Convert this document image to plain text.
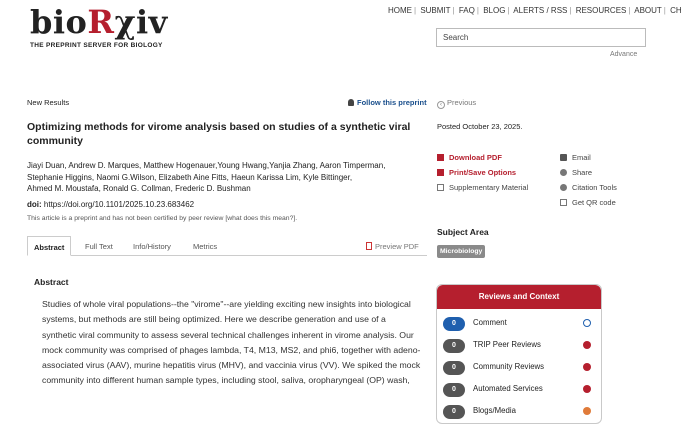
bioRχiv
THE PREPRINT SERVER FOR BIOLOGY
HOME | SUBMIT | FAQ | BLOG | ALERTS / RSS | RESOURCES | ABOUT | CH
Search
Advance
New Results	Follow this preprint	‹ Previous
Optimizing methods for virome analysis based on studies of a synthetic viral community
Posted October 23, 2025.
Jiayi Duan, Andrew D. Marques, Matthew Hogenauer,Young Hwang,Yanjia Zhang, Aaron Timperman,
Stephanie Higgins, Naomi G.Wilson, Elizabeth Aine Fitts, Haeun Karissa Lim, Kyle Bittinger,
Ahmed M. Moustafa, Ronald G. Collman, Frederic D. Bushman
doi: https://doi.org/10.1101/2025.10.23.683462
This article is a preprint and has not been certified by peer review [what does this mean?].
Abstract	Full Text	Info/History	Metrics	Preview PDF
Abstract
Studies of whole viral populations--the "virome"--are yielding exciting new insights into biological systems, but methods are still being optimized. Here we describe generation and use of a synthetic viral community to assess several technical challenges inherent in virome analysis. Our mock community was comprised of phages lambda, T4, M13, MS2, and phi6, together with adeno-associated virus (AAV), murine hepatitis virus (MHV), and vaccinia virus (VV). We spiked the mock community into different human sample types, including stool, saliva, oropharyngeal (OP) wash,
Download PDF
Print/Save Options
Supplementary Material
Email
Share
Citation Tools
Get QR code
Subject Area
Microbiology
Reviews and Context
0	Comment
0	TRIP Peer Reviews
0	Community Reviews
0	Automated Services
0	Blogs/Media
